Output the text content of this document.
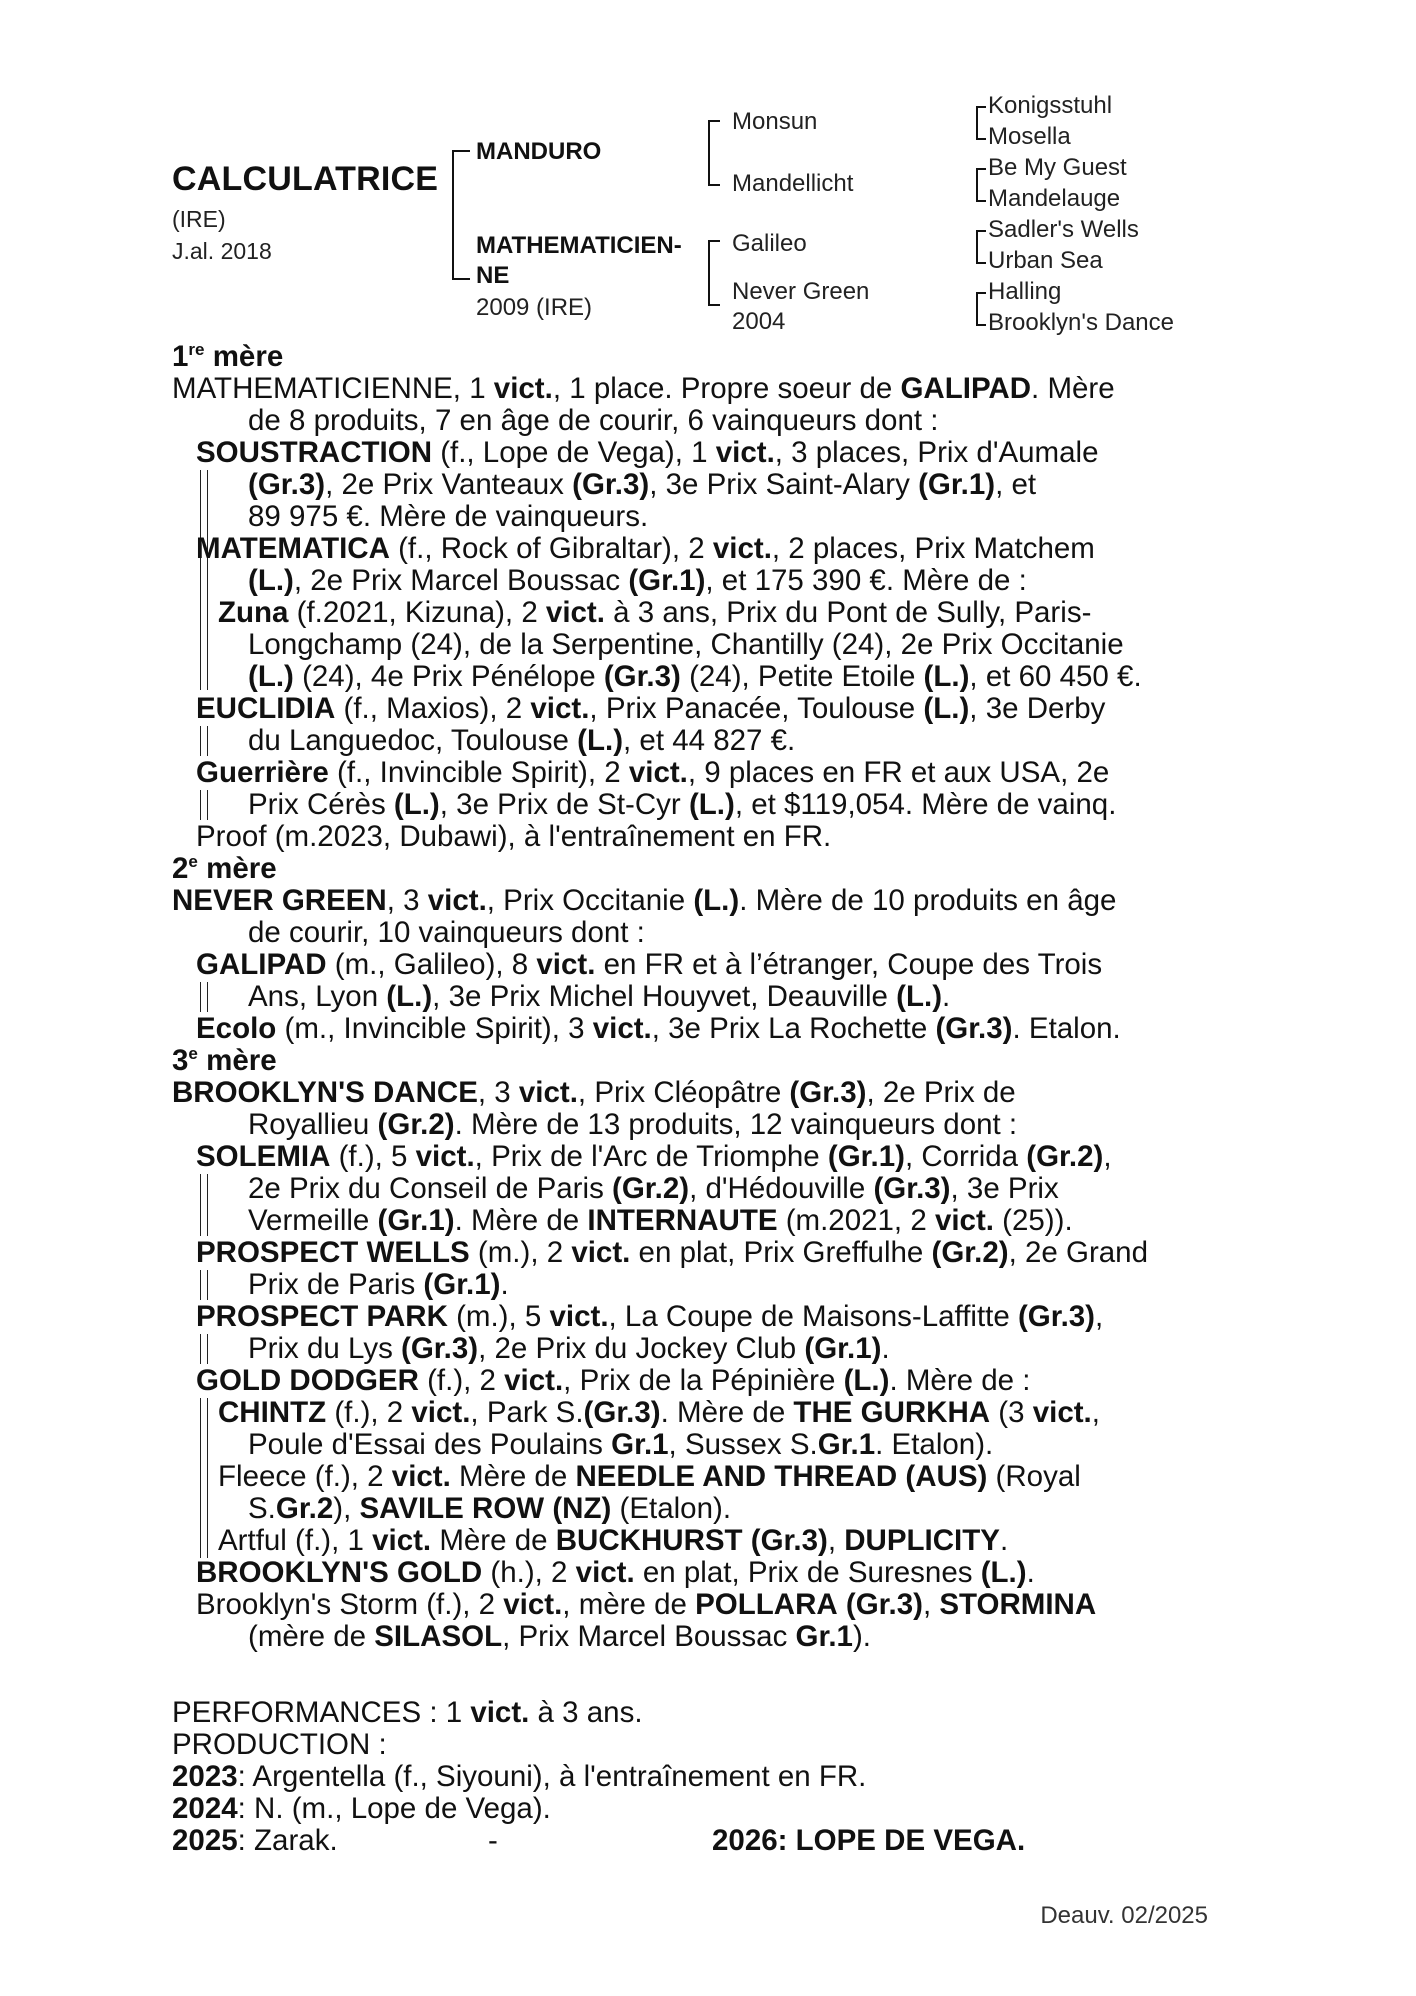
CALCULATRICE
(IRE)
J.al. 2018
MANDURO
MATHEMATICIEN-
NE
2009 (IRE)
Monsun
Mandellicht
Galileo
Never Green
2004
Konigsstuhl
Mosella
Be My Guest
Mandelauge
Sadler's Wells
Urban Sea
Halling
Brooklyn's Dance
1re mère
MATHEMATICIENNE, 1 vict., 1 place. Propre soeur de GALIPAD. Mère
de 8 produits, 7 en âge de courir, 6 vainqueurs dont :
SOUSTRACTION (f., Lope de Vega), 1 vict., 3 places, Prix d'Aumale
(Gr.3), 2e Prix Vanteaux (Gr.3), 3e Prix Saint-Alary (Gr.1), et
89 975 €. Mère de vainqueurs.
MATEMATICA (f., Rock of Gibraltar), 2 vict., 2 places, Prix Matchem
(L.), 2e Prix Marcel Boussac (Gr.1), et 175 390 €. Mère de :
Zuna (f.2021, Kizuna), 2 vict. à 3 ans, Prix du Pont de Sully, Paris-
Longchamp (24), de la Serpentine, Chantilly (24), 2e Prix Occitanie
(L.) (24), 4e Prix Pénélope (Gr.3) (24), Petite Etoile (L.), et 60 450 €.
EUCLIDIA (f., Maxios), 2 vict., Prix Panacée, Toulouse (L.), 3e Derby
du Languedoc, Toulouse (L.), et 44 827 €.
Guerrière (f., Invincible Spirit), 2 vict., 9 places en FR et aux USA, 2e
Prix Cérès (L.), 3e Prix de St-Cyr (L.), et $119,054. Mère de vainq.
Proof (m.2023, Dubawi), à l'entraînement en FR.
2e mère
NEVER GREEN, 3 vict., Prix Occitanie (L.). Mère de 10 produits en âge
de courir, 10 vainqueurs dont :
GALIPAD (m., Galileo), 8 vict. en FR et à l’étranger, Coupe des Trois
Ans, Lyon (L.), 3e Prix Michel Houyvet, Deauville (L.).
Ecolo (m., Invincible Spirit), 3 vict., 3e Prix La Rochette (Gr.3). Etalon.
3e mère
BROOKLYN'S DANCE, 3 vict., Prix Cléopâtre (Gr.3), 2e Prix de
Royallieu (Gr.2). Mère de 13 produits, 12 vainqueurs dont :
SOLEMIA (f.), 5 vict., Prix de l'Arc de Triomphe (Gr.1), Corrida (Gr.2),
2e Prix du Conseil de Paris (Gr.2), d'Hédouville (Gr.3), 3e Prix
Vermeille (Gr.1). Mère de INTERNAUTE (m.2021, 2 vict. (25)).
PROSPECT WELLS (m.), 2 vict. en plat, Prix Greffulhe (Gr.2), 2e Grand
Prix de Paris (Gr.1).
PROSPECT PARK (m.), 5 vict., La Coupe de Maisons-Laffitte (Gr.3),
Prix du Lys (Gr.3), 2e Prix du Jockey Club (Gr.1).
GOLD DODGER (f.), 2 vict., Prix de la Pépinière (L.). Mère de :
CHINTZ (f.), 2 vict., Park S.(Gr.3). Mère de THE GURKHA (3 vict.,
Poule d'Essai des Poulains Gr.1, Sussex S.Gr.1. Etalon).
Fleece (f.), 2 vict. Mère de NEEDLE AND THREAD (AUS) (Royal
S.Gr.2), SAVILE ROW (NZ) (Etalon).
Artful (f.), 1 vict. Mère de BUCKHURST (Gr.3), DUPLICITY.
BROOKLYN'S GOLD (h.), 2 vict. en plat, Prix de Suresnes (L.).
Brooklyn's Storm (f.), 2 vict., mère de POLLARA (Gr.3), STORMINA
(mère de SILASOL, Prix Marcel Boussac Gr.1).
PERFORMANCES : 1 vict. à 3 ans.
PRODUCTION :
2023: Argentella (f., Siyouni), à l'entraînement en FR.
2024: N. (m., Lope de Vega).
2025: Zarak.	-	2026: LOPE DE VEGA.
Deauv. 02/2025
